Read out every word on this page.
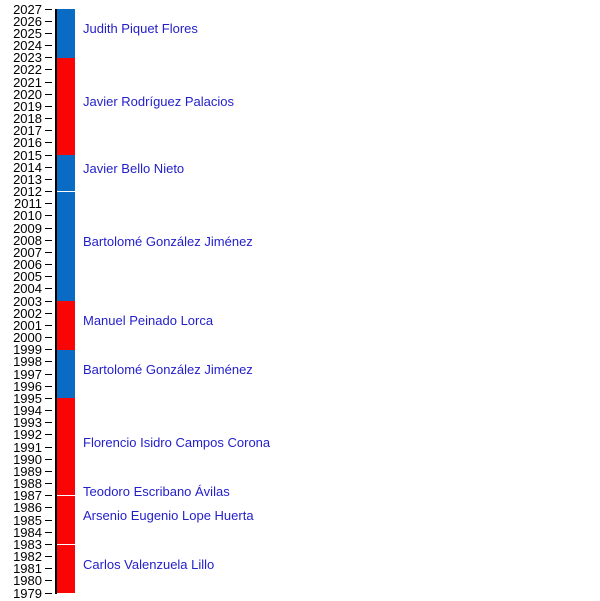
2027
2026
2025
2024
2023
2022
2021
2020
2019
2018
2017
2016
2015
2014
2013
2012
2011
2010
2009
2008
2007
2006
2005
2004
2003
2002
2001
2000
1999
1998
1997
1996
1995
1994
1993
1992
1991
1990
1989
1988
1987
1986
1985
1984
1983
1982
1981
1980
1979
Judith Piquet Flores
Javier Rodríguez Palacios
Javier Bello Nieto
Bartolomé González Jiménez
Manuel Peinado Lorca
Bartolomé González Jiménez
Florencio Isidro Campos Corona
Teodoro Escribano Ávilas
Arsenio Eugenio Lope Huerta
Carlos Valenzuela Lillo
